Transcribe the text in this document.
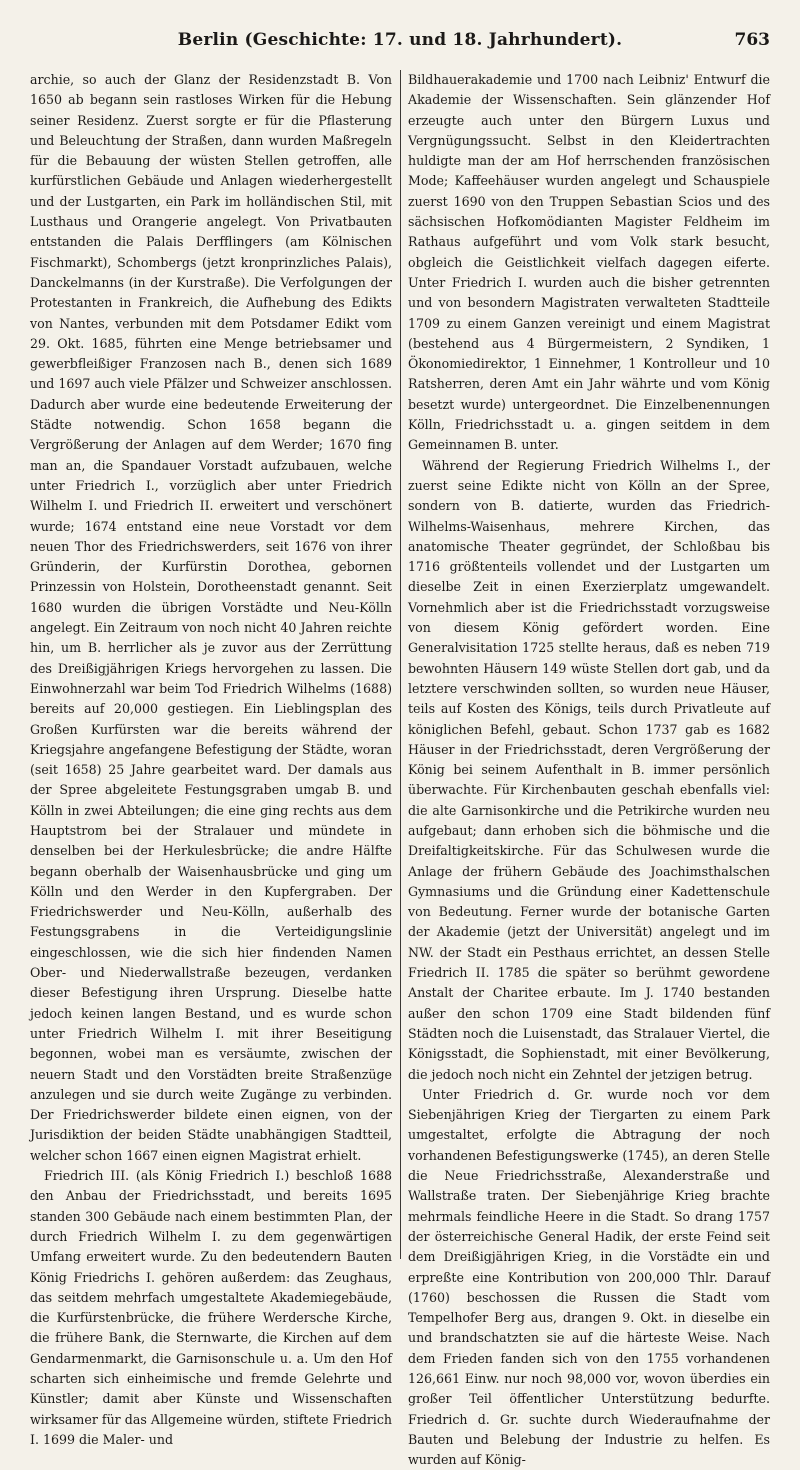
Berlin (Geschichte: 17. und 18. Jahrhundert).	763

archie, so auch der Glanz der Residenzstadt B. Von 1650 ab begann sein rastloses Wirken für die Hebung seiner Residenz. Zuerst sorgte er für die Pflasterung und Beleuchtung der Straßen, dann wurden Maßregeln für die Bebauung der wüsten Stellen getroffen, alle kurfürstlichen Gebäude und Anlagen wiederhergestellt und der Lustgarten, ein Park im holländischen Stil, mit Lusthaus und Orangerie angelegt. Von Privatbauten entstanden die Palais Derfflingers (am Kölnischen Fischmarkt), Schombergs (jetzt kronprinzliches Palais), Danckelmanns (in der Kurstraße). Die Verfolgungen der Protestanten in Frankreich, die Aufhebung des Edikts von Nantes, verbunden mit dem Potsdamer Edikt vom 29. Okt. 1685, führten eine Menge betriebsamer und gewerbfleißiger Franzosen nach B., denen sich 1689 und 1697 auch viele Pfälzer und Schweizer anschlossen. Dadurch aber wurde eine bedeutende Erweiterung der Städte notwendig. Schon 1658 begann die Vergrößerung der Anlagen auf dem Werder; 1670 fing man an, die Spandauer Vorstadt aufzubauen, welche unter Friedrich I., vorzüglich aber unter Friedrich Wilhelm I. und Friedrich II. erweitert und verschönert wurde; 1674 entstand eine neue Vorstadt vor dem neuen Thor des Friedrichswerders, seit 1676 von ihrer Gründerin, der Kurfürstin Dorothea, gebornen Prinzessin von Holstein, Dorotheenstadt genannt. Seit 1680 wurden die übrigen Vorstädte und Neu-Kölln angelegt. Ein Zeitraum von noch nicht 40 Jahren reichte hin, um B. herrlicher als je zuvor aus der Zerrüttung des Dreißigjährigen Kriegs hervorgehen zu lassen. Die Einwohnerzahl war beim Tod Friedrich Wilhelms (1688) bereits auf 20,000 gestiegen. Ein Lieblingsplan des Großen Kurfürsten war die bereits während der Kriegsjahre angefangene Befestigung der Städte, woran (seit 1658) 25 Jahre gearbeitet ward. Der damals aus der Spree abgeleitete Festungsgraben umgab B. und Kölln in zwei Abteilungen; die eine ging rechts aus dem Hauptstrom bei der Stralauer und mündete in denselben bei der Herkulesbrücke; die andre Hälfte begann oberhalb der Waisenhausbrücke und ging um Kölln und den Werder in den Kupfergraben. Der Friedrichswerder und Neu-Kölln, außerhalb des Festungsgrabens in die Verteidigungslinie eingeschlossen, wie die sich hier findenden Namen Ober- und Niederwallstraße bezeugen, verdanken dieser Befestigung ihren Ursprung. Dieselbe hatte jedoch keinen langen Bestand, und es wurde schon unter Friedrich Wilhelm I. mit ihrer Beseitigung begonnen, wobei man es versäumte, zwischen der neuern Stadt und den Vorstädten breite Straßenzüge anzulegen und sie durch weite Zugänge zu verbinden. Der Friedrichswerder bildete einen eignen, von der Jurisdiktion der beiden Städte unabhängigen Stadtteil, welcher schon 1667 einen eignen Magistrat erhielt.

Friedrich III. (als König Friedrich I.) beschloß 1688 den Anbau der Friedrichsstadt, und bereits 1695 standen 300 Gebäude nach einem bestimmten Plan, der durch Friedrich Wilhelm I. zu dem gegenwärtigen Umfang erweitert wurde. Zu den bedeutendern Bauten König Friedrichs I. gehören außerdem: das Zeughaus, das seitdem mehrfach umgestaltete Akademiegebäude, die Kurfürstenbrücke, die frühere Werdersche Kirche, die frühere Bank, die Sternwarte, die Kirchen auf dem Gendarmenmarkt, die Garnisonschule u. a. Um den Hof scharten sich einheimische und fremde Gelehrte und Künstler; damit aber Künste und Wissenschaften wirksamer für das Allgemeine würden, stiftete Friedrich I. 1699 die Maler- und

Bildhauerakademie und 1700 nach Leibniz' Entwurf die Akademie der Wissenschaften. Sein glänzender Hof erzeugte auch unter den Bürgern Luxus und Vergnügungssucht. Selbst in den Kleidertrachten huldigte man der am Hof herrschenden französischen Mode; Kaffeehäuser wurden angelegt und Schauspiele zuerst 1690 von den Truppen Sebastian Scios und des sächsischen Hofkomödianten Magister Feldheim im Rathaus aufgeführt und vom Volk stark besucht, obgleich die Geistlichkeit vielfach dagegen eiferte. Unter Friedrich I. wurden auch die bisher getrennten und von besondern Magistraten verwalteten Stadtteile 1709 zu einem Ganzen vereinigt und einem Magistrat (bestehend aus 4 Bürgermeistern, 2 Syndiken, 1 Ökonomiedirektor, 1 Einnehmer, 1 Kontrolleur und 10 Ratsherren, deren Amt ein Jahr währte und vom König besetzt wurde) untergeordnet. Die Einzelbenennungen Kölln, Friedrichsstadt u. a. gingen seitdem in dem Gemeinnamen B. unter.

Während der Regierung Friedrich Wilhelms I., der zuerst seine Edikte nicht von Kölln an der Spree, sondern von B. datierte, wurden das Friedrich-Wilhelms-Waisenhaus, mehrere Kirchen, das anatomische Theater gegründet, der Schloßbau bis 1716 größtenteils vollendet und der Lustgarten um dieselbe Zeit in einen Exerzierplatz umgewandelt. Vornehmlich aber ist die Friedrichsstadt vorzugsweise von diesem König gefördert worden. Eine Generalvisitation 1725 stellte heraus, daß es neben 719 bewohnten Häusern 149 wüste Stellen dort gab, und da letztere verschwinden sollten, so wurden neue Häuser, teils auf Kosten des Königs, teils durch Privatleute auf königlichen Befehl, gebaut. Schon 1737 gab es 1682 Häuser in der Friedrichsstadt, deren Vergrößerung der König bei seinem Aufenthalt in B. immer persönlich überwachte. Für Kirchenbauten geschah ebenfalls viel: die alte Garnisonkirche und die Petrikirche wurden neu aufgebaut; dann erhoben sich die böhmische und die Dreifaltigkeitskirche. Für das Schulwesen wurde die Anlage der frühern Gebäude des Joachimsthalschen Gymnasiums und die Gründung einer Kadettenschule von Bedeutung. Ferner wurde der botanische Garten der Akademie (jetzt der Universität) angelegt und im NW. der Stadt ein Pesthaus errichtet, an dessen Stelle Friedrich II. 1785 die später so berühmt gewordene Anstalt der Charitee erbaute. Im J. 1740 bestanden außer den schon 1709 eine Stadt bildenden fünf Städten noch die Luisenstadt, das Stralauer Viertel, die Königsstadt, die Sophienstadt, mit einer Bevölkerung, die jedoch noch nicht ein Zehntel der jetzigen betrug.

Unter Friedrich d. Gr. wurde noch vor dem Siebenjährigen Krieg der Tiergarten zu einem Park umgestaltet, erfolgte die Abtragung der noch vorhandenen Befestigungswerke (1745), an deren Stelle die Neue Friedrichsstraße, Alexanderstraße und Wallstraße traten. Der Siebenjährige Krieg brachte mehrmals feindliche Heere in die Stadt. So drang 1757 der österreichische General Hadik, der erste Feind seit dem Dreißigjährigen Krieg, in die Vorstädte ein und erpreßte eine Kontribution von 200,000 Thlr. Darauf (1760) beschossen die Russen die Stadt vom Tempelhofer Berg aus, drangen 9. Okt. in dieselbe ein und brandschatzten sie auf die härteste Weise. Nach dem Frieden fanden sich von den 1755 vorhandenen 126,661 Einw. nur noch 98,000 vor, wovon überdies ein großer Teil öffentlicher Unterstützung bedurfte. Friedrich d. Gr. suchte durch Wiederaufnahme der Bauten und Belebung der Industrie zu helfen. Es wurden auf König-
